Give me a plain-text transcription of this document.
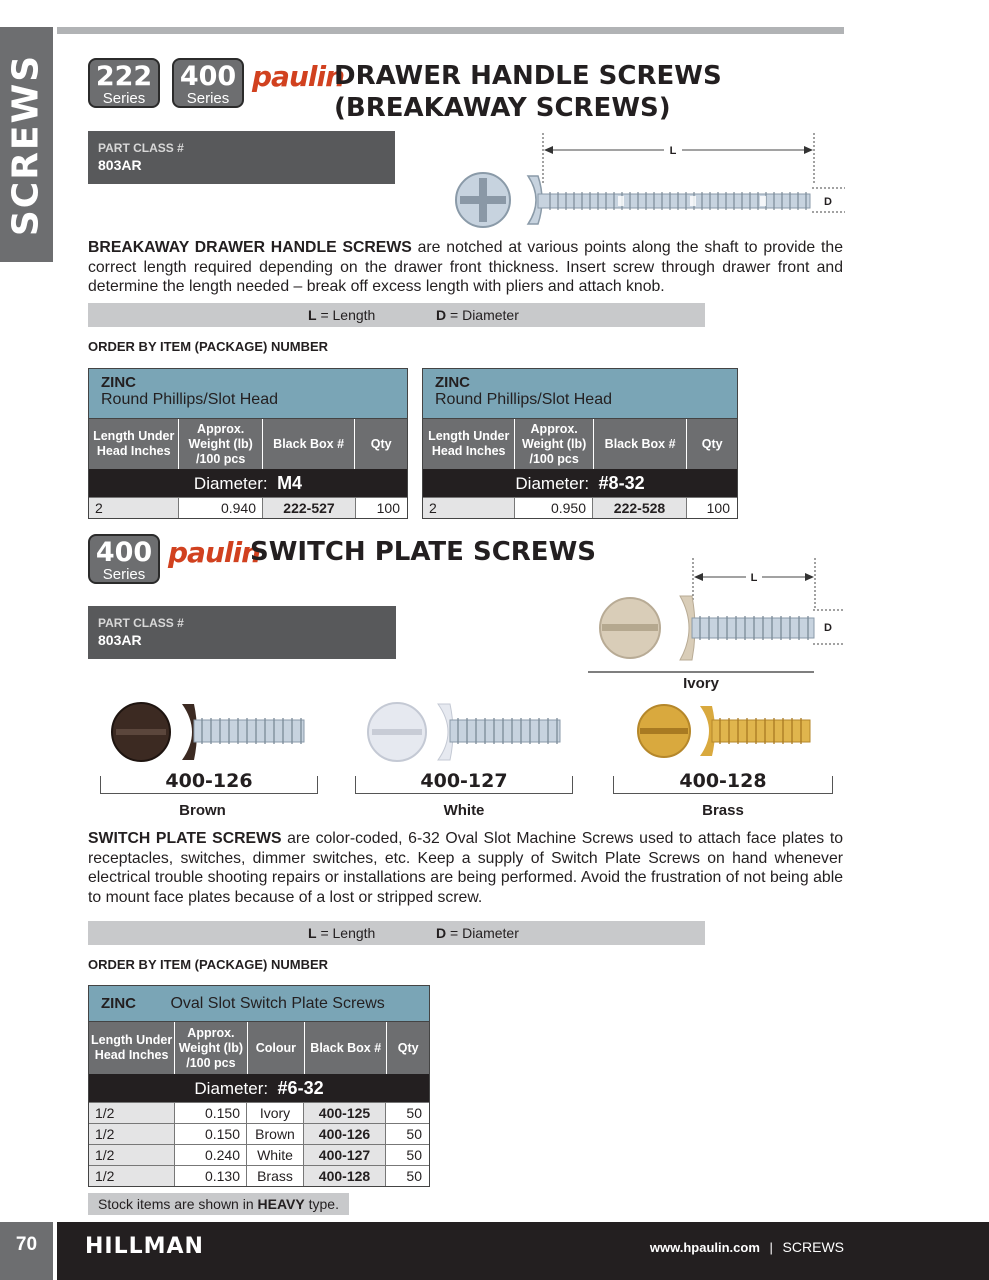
SCREWS 222
Series
400
Series
paulin
DRAWER HANDLE SCREWS
(BREAKAWAY SCREWS)
PART CLASS #
803AR
L
D
BREAKAWAY DRAWER HANDLE SCREWS are notched at various points along the shaft to provide the correct length required depending on the drawer front thickness. Insert screw through drawer front and determine the length needed – break off excess length with pliers and attach knob.
L = Length	D = Diameter
ORDER BY ITEM (PACKAGE) NUMBER
ZINC
Round Phillips/Slot Head
Length Under Head Inches
Approx. Weight (lb) /100 pcs
Black Box #	Qty
Diameter: M4
2	0.940	222-527	100
ZINC
Round Phillips/Slot Head
Length Under Head Inches
Approx. Weight (lb) /100 pcs
Black Box #	Qty
Diameter: #8-32
2	0.950	222-528	100
400
Series
paulin
SWITCH PLATE SCREWS
PART CLASS #
803AR
L
D
Ivory
400-126
Brown
400-127
White
400-128
Brass
SWITCH PLATE SCREWS are color-coded, 6-32 Oval Slot Machine Screws used to attach face plates to receptacles, switches, dimmer switches, etc. Keep a supply of Switch Plate Screws on hand whenever electrical trouble shooting repairs or installations are being performed. Avoid the frustration of not being able to mount face plates because of a lost or stripped screw.
L = Length	D = Diameter
ORDER BY ITEM (PACKAGE) NUMBER
ZINC Oval Slot Switch Plate Screws
Length Under Head Inches
Approx. Weight (lb) /100 pcs
Colour	Black Box #	Qty
Diameter: #6-32
1/2	0.150	Ivory	400-125	50
1/2	0.150	Brown	400-126	50
1/2	0.240	White	400-127	50
1/2	0.130	Brass	400-128	50
Stock items are shown in HEAVY type.
70	HILLMAN	www.hpaulin.com | SCREWS
